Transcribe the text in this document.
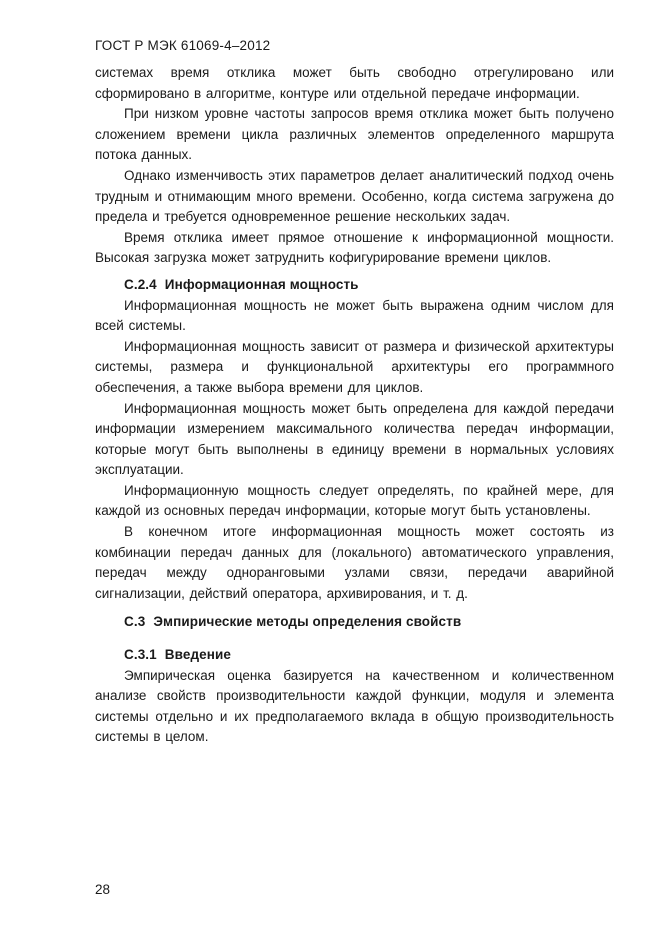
ГОСТ Р МЭК 61069-4–2012

системах время отклика может быть свободно отрегулировано или сформировано в алгоритме, контуре или отдельной передаче информации.

При низком уровне частоты запросов время отклика может быть получено сложением времени цикла различных элементов определенного маршрута потока данных.

Однако изменчивость этих параметров делает аналитический подход очень трудным и отнимающим много времени. Особенно, когда система загружена до предела и требуется одновременное решение нескольких задач.

Время отклика имеет прямое отношение к информационной мощности. Высокая загрузка может затруднить кофигурирование времени циклов.

С.2.4 Информационная мощность

Информационная мощность не может быть выражена одним числом для всей системы.

Информационная мощность зависит от размера и физической архитектуры системы, размера и функциональной архитектуры его программного обеспечения, а также выбора времени для циклов.

Информационная мощность может быть определена для каждой передачи информации измерением максимального количества передач информации, которые могут быть выполнены в единицу времени в нормальных условиях эксплуатации.

Информационную мощность следует определять, по крайней мере, для каждой из основных передач информации, которые могут быть установлены.

В конечном итоге информационная мощность может состоять из комбинации передач данных для (локального) автоматического управления, передач между одноранговыми узлами связи, передачи аварийной сигнализации, действий оператора, архивирования, и т. д.

С.3 Эмпирические методы определения свойств
С.3.1 Введение

Эмпирическая оценка базируется на качественном и количественном анализе свойств производительности каждой функции, модуля и элемента системы отдельно и их предполагаемого вклада в общую производительность системы в целом.

28
